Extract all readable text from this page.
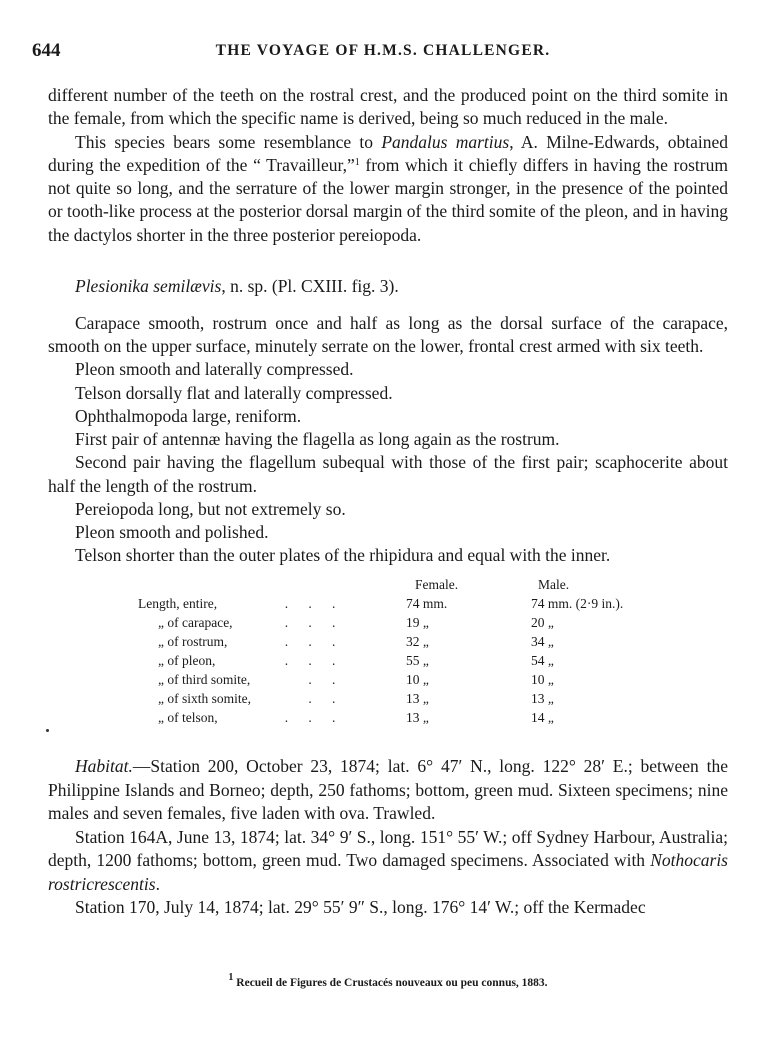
644	THE VOYAGE OF H.M.S. CHALLENGER.

different number of the teeth on the rostral crest, and the produced point on the third somite in the female, from which the specific name is derived, being so much reduced in the male.

This species bears some resemblance to Pandalus martius, A. Milne-Edwards, obtained during the expedition of the “ Travailleur,”$^1$ from which it chiefly differs in having the rostrum not quite so long, and the serrature of the lower margin stronger, in the presence of the pointed or tooth-like process at the posterior dorsal margin of the third somite of the pleon, and in having the dactylos shorter in the three posterior pereiopoda.

Plesionika semilævis, n. sp. (Pl. CXIII. fig. 3).

Carapace smooth, rostrum once and half as long as the dorsal surface of the carapace, smooth on the upper surface, minutely serrate on the lower, frontal crest armed with six teeth.

Pleon smooth and laterally compressed.

Telson dorsally flat and laterally compressed.

Ophthalmopoda large, reniform.

First pair of antennæ having the flagella as long again as the rostrum.

Second pair having the flagellum subequal with those of the first pair; scaphocerite about half the length of the rostrum.

Pereiopoda long, but not extremely so.

Pleon smooth and polished.

Telson shorter than the outer plates of the rhipidura and equal with the inner.

Female.	Male.
Length, entire,	.      .      .	74 mm.	74 mm. (2·9 in.).
„ of carapace,	.      .      .	19 „	20 „
„ of rostrum,	.      .      .	32 „	34 „
„ of pleon,	.      .      .	55 „	54 „
„ of third somite, .      .	10 „	10 „
„ of sixth somite, .      .	13 „	13 „
„ of telson,	.      .      .	13 „	14 „

Habitat.—Station 200, October 23, 1874; lat. 6° 47′ N., long. 122° 28′ E.; between the Philippine Islands and Borneo; depth, 250 fathoms; bottom, green mud. Sixteen specimens; nine males and seven females, five laden with ova. Trawled.

Station 164A, June 13, 1874; lat. 34° 9′ S., long. 151° 55′ W.; off Sydney Harbour, Australia; depth, 1200 fathoms; bottom, green mud. Two damaged specimens. Associated with Nothocaris rostricrescentis.

Station 170, July 14, 1874; lat. 29° 55′ 9″ S., long. 176° 14′ W.; off the Kermadec

$^1$ Recueil de Figures de Crustacés nouveaux ou peu connus, 1883.
